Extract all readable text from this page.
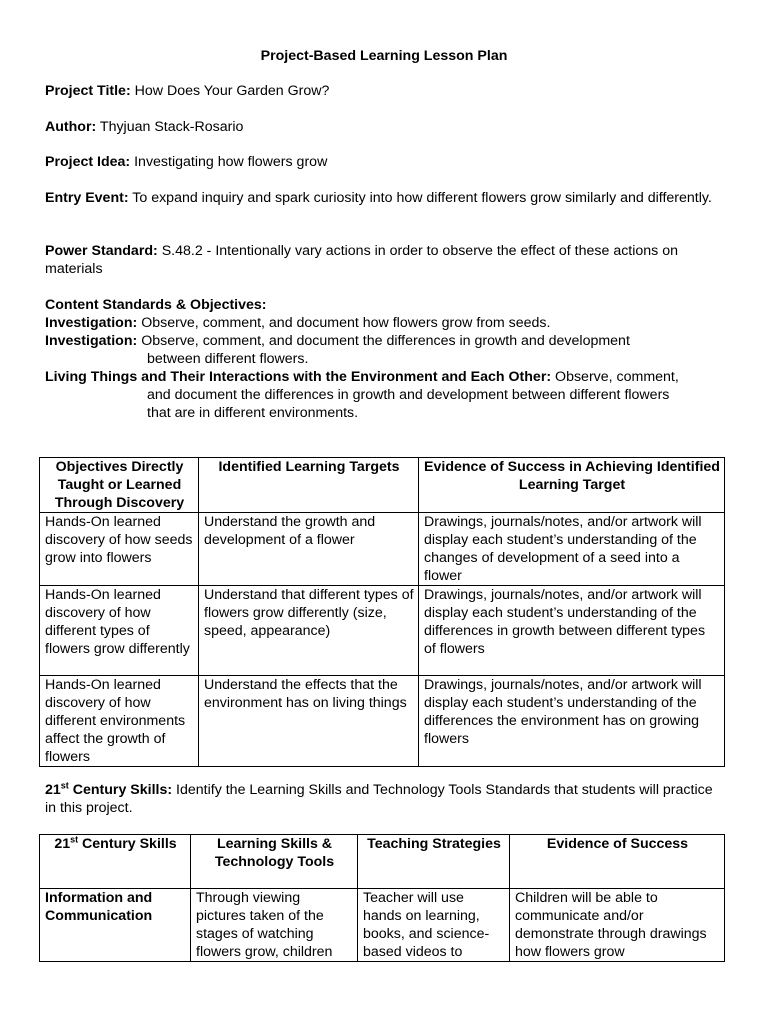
Project-Based Learning Lesson Plan
Project Title: How Does Your Garden Grow?
Author: Thyjuan Stack-Rosario
Project Idea: Investigating how flowers grow
Entry Event: To expand inquiry and spark curiosity into how different flowers grow similarly and differently.
Power Standard: S.48.2 - Intentionally vary actions in order to observe the effect of these actions on materials
Content Standards & Objectives:
Investigation: Observe, comment, and document how flowers grow from seeds.
Investigation: Observe, comment, and document the differences in growth and development
between different flowers.
Living Things and Their Interactions with the Environment and Each Other: Observe, comment,
and document the differences in growth and development between different flowers
that are in different environments.
Objectives Directly Taught or Learned Through Discovery	Identified Learning Targets	Evidence of Success in Achieving Identified Learning Target
Hands-On learned discovery of how seeds grow into flowers	Understand the growth and development of a flower	Drawings, journals/notes, and/or artwork will display each student’s understanding of the changes of development of a seed into a flower
Hands-On learned discovery of how different types of flowers grow differently	Understand that different types of flowers grow differently (size, speed, appearance)	Drawings, journals/notes, and/or artwork will display each student’s understanding of the differences in growth between different types of flowers
Hands-On learned discovery of how different environments affect the growth of flowers	Understand the effects that the environment has on living things	Drawings, journals/notes, and/or artwork will display each student’s understanding of the differences the environment has on growing flowers
21st Century Skills: Identify the Learning Skills and Technology Tools Standards that students will practice in this project.
21st Century Skills	Learning Skills & Technology Tools	Teaching Strategies	Evidence of Success
Information and Communication	Through viewing pictures taken of the stages of watching flowers grow, children	Teacher will use hands on learning, books, and science-based videos to	Children will be able to communicate and/or demonstrate through drawings how flowers grow
